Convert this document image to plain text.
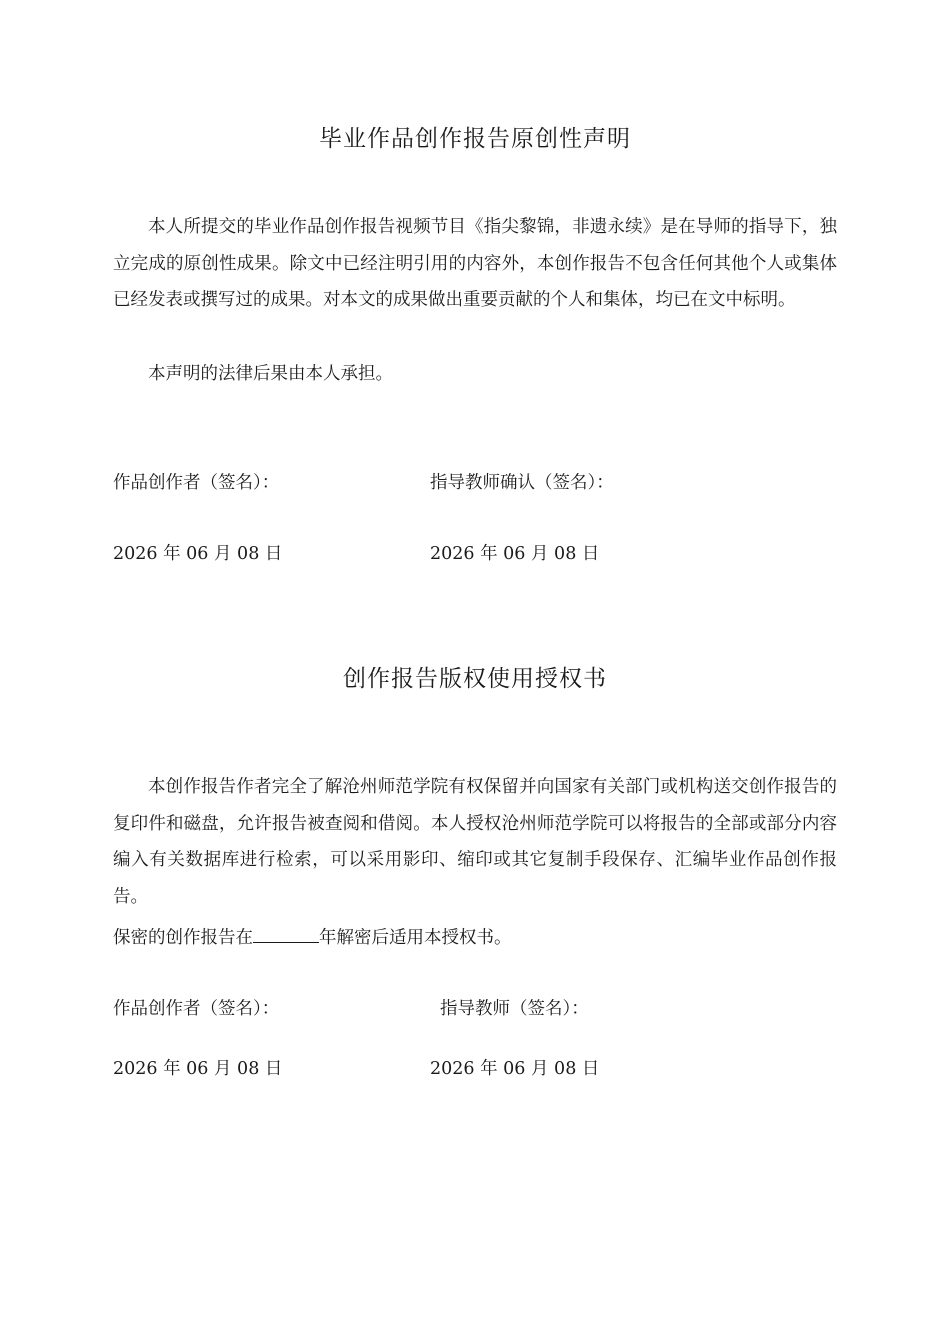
毕业作品创作报告原创性声明
本人所提交的毕业作品创作报告视频节目《指尖黎锦，非遗永续》是在导师的指导下，独立完成的原创性成果。除文中已经注明引用的内容外，本创作报告不包含任何其他个人或集体已经发表或撰写过的成果。对本文的成果做出重要贡献的个人和集体，均已在文中标明。
本声明的法律后果由本人承担。
作品创作者（签名）：	指导教师确认（签名）：
2026 年 06 月 08 日	2026 年 06 月 08 日
创作报告版权使用授权书
本创作报告作者完全了解沧州师范学院有权保留并向国家有关部门或机构送交创作报告的复印件和磁盘，允许报告被查阅和借阅。本人授权沧州师范学院可以将报告的全部或部分内容编入有关数据库进行检索，可以采用影印、缩印或其它复制手段保存、汇编毕业作品创作报告。
保密的创作报告在	年解密后适用本授权书。
作品创作者（签名）：	指导教师（签名）：
2026 年 06 月 08 日	2026 年 06 月 08 日
